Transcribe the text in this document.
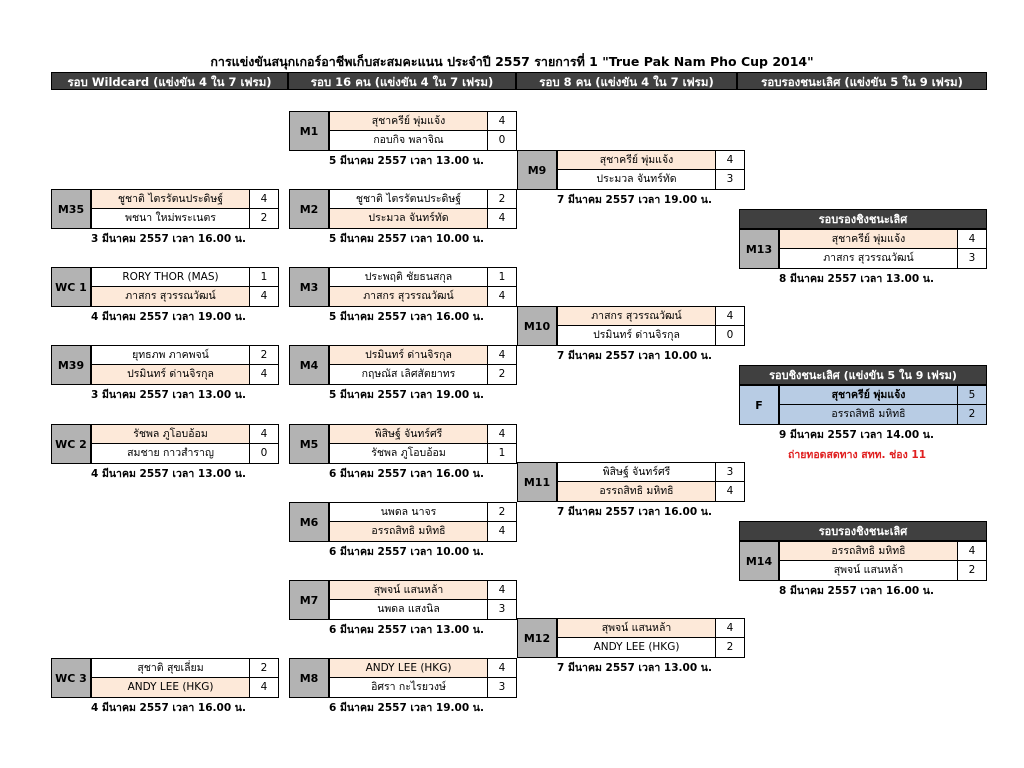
การแข่งขันสนุกเกอร์อาชีพเก็บสะสมคะแนน ประจำปี 2557 รายการที่ 1 "True Pak Nam Pho Cup 2014"
รอบ Wildcard (แข่งขัน 4 ใน 7 เฟรม)	รอบ 16 คน (แข่งขัน 4 ใน 7 เฟรม)	รอบ 8 คน (แข่งขัน 4 ใน 7 เฟรม)	รอบรองชนะเลิศ (แข่งขัน 5 ใน 9 เฟรม)
M35
ชูชาติ ไตรรัตนประดิษฐ์	4
พชนา ใหม่พระเนตร	2
3 มีนาคม 2557 เวลา 16.00 น.
WC 1
RORY THOR (MAS)	1
ภาสกร สุวรรณวัฒน์	4
4 มีนาคม 2557 เวลา 19.00 น.
M39
ยุทธภพ ภาคพจน์	2
ปรมินทร์ ด่านจิรกุล	4
3 มีนาคม 2557 เวลา 13.00 น.
WC 2
รัชพล ภูโอบอ้อม	4
สมชาย กาวสำราญ	0
4 มีนาคม 2557 เวลา 13.00 น.
WC 3
สุชาติ สุขเลี่ยม	2
ANDY LEE (HKG)	4
4 มีนาคม 2557 เวลา 16.00 น.
M1
สุชาครีย์ พุ่มแจ้ง	4
กอบกิจ พลาจิณ	0
5 มีนาคม 2557 เวลา 13.00 น.
M2
ชูชาติ ไตรรัตนประดิษฐ์	2
ประมวล จันทร์ทัด	4
5 มีนาคม 2557 เวลา 10.00 น.
M3
ประพฤติ ชัยธนสกุล	1
ภาสกร สุวรรณวัฒน์	4
5 มีนาคม 2557 เวลา 16.00 น.
M4
ปรมินทร์ ด่านจิรกุล	4
กฤษณัส เลิศสัตยาทร	2
5 มีนาคม 2557 เวลา 19.00 น.
M5
พิสิษฐ์ จันทร์ศรี	4
รัชพล ภูโอบอ้อม	1
6 มีนาคม 2557 เวลา 16.00 น.
M6
นพดล นาจร	2
อรรถสิทธิ มหิทธิ	4
6 มีนาคม 2557 เวลา 10.00 น.
M7
สุพจน์ แสนหล้า	4
นพดล แสงนิล	3
6 มีนาคม 2557 เวลา 13.00 น.
M8
ANDY LEE (HKG)	4
อิศรา กะไรยวงษ์	3
6 มีนาคม 2557 เวลา 19.00 น.
M9
สุชาครีย์ พุ่มแจ้ง	4
ประมวล จันทร์ทัด	3
7 มีนาคม 2557 เวลา 19.00 น.
M10
ภาสกร สุวรรณวัฒน์	4
ปรมินทร์ ด่านจิรกุล	0
7 มีนาคม 2557 เวลา 10.00 น.
M11
พิสิษฐ์ จันทร์ศรี	3
อรรถสิทธิ มหิทธิ	4
7 มีนาคม 2557 เวลา 16.00 น.
M12
สุพจน์ แสนหล้า	4
ANDY LEE (HKG)	2
7 มีนาคม 2557 เวลา 13.00 น.
M13
สุชาครีย์ พุ่มแจ้ง	4
ภาสกร สุวรรณวัฒน์	3
8 มีนาคม 2557 เวลา 13.00 น.
M14
อรรถสิทธิ มหิทธิ	4
สุพจน์ แสนหล้า	2
8 มีนาคม 2557 เวลา 16.00 น.
F
สุชาครีย์ พุ่มแจ้ง	5
อรรถสิทธิ มหิทธิ	2
9 มีนาคม 2557 เวลา 14.00 น.
รอบรองชิงชนะเลิศ
รอบรองชิงชนะเลิศ
รอบชิงชนะเลิศ (แข่งขัน 5 ใน 9 เฟรม)
ถ่ายทอดสดทาง สทท. ช่อง 11
